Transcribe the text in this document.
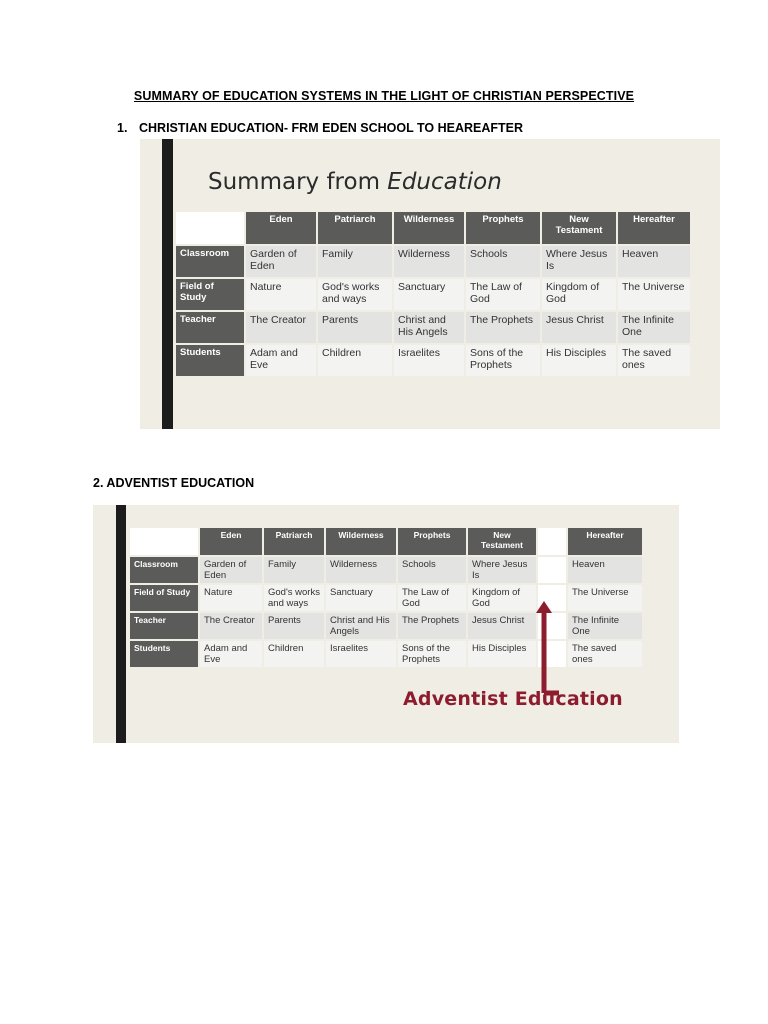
SUMMARY OF EDUCATION SYSTEMS IN THE LIGHT OF CHRISTIAN PERSPECTIVE
1. CHRISTIAN EDUCATION- FRM EDEN SCHOOL TO HEAREAFTER
Summary from Education
	Eden	Patriarch	Wilderness	Prophets	New Testament	Hereafter
Classroom	Garden of Eden	Family	Wilderness	Schools	Where Jesus Is	Heaven
Field of Study	Nature	God's works and ways	Sanctuary	The Law of God	Kingdom of God	The Universe
Teacher	The Creator	Parents	Christ and His Angels	The Prophets	Jesus Christ	The Infinite One
Students	Adam and Eve	Children	Israelites	Sons of the Prophets	His Disciples	The saved ones
2. ADVENTIST EDUCATION
	Eden	Patriarch	Wilderness	Prophets	New Testament		Hereafter
Classroom	Garden of Eden	Family	Wilderness	Schools	Where Jesus Is		Heaven
Field of Study	Nature	God's works and ways	Sanctuary	The Law of God	Kingdom of God		The Universe
Teacher	The Creator	Parents	Christ and His Angels	The Prophets	Jesus Christ		The Infinite One
Students	Adam and Eve	Children	Israelites	Sons of the Prophets	His Disciples		The saved ones
Adventist Education
